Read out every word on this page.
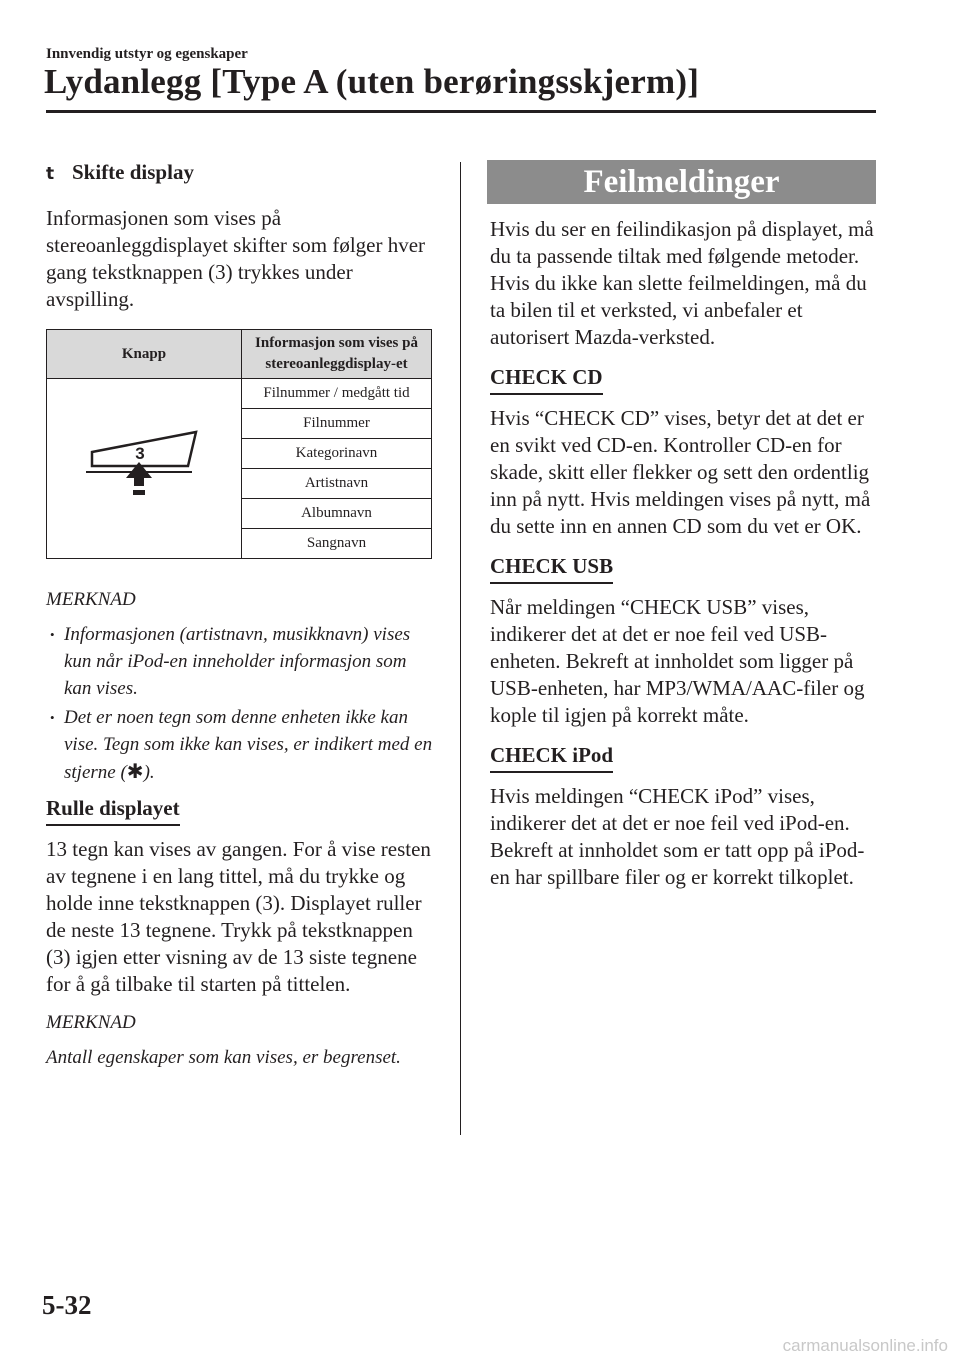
Innvendig utstyr og egenskaper
Lydanlegg [Type A (uten berøringsskjerm)]
t Skifte display

Informasjonen som vises på stereoanleggdisplayet skifter som følger hver gang tekstknappen (3) trykkes under avspilling.

Knapp	Informasjon som vises på stereoanleggdisplay-et

3	Filnummer / medgått tid
	Filnummer
	Kategorinavn
	Artistnavn
	Albumnavn
	Sangnavn
MERKNAD
• Informasjonen (artistnavn, musikknavn) vises kun når iPod-en inneholder informasjon som kan vises.
• Det er noen tegn som denne enheten ikke kan vise. Tegn som ikke kan vises, er indikert med en stjerne (✱).
Rulle displayet

13 tegn kan vises av gangen. For å vise resten av tegnene i en lang tittel, må du trykke og holde inne tekstknappen (3). Displayet ruller de neste 13 tegnene. Trykk på tekstknappen (3) igjen etter visning av de 13 siste tegnene for å gå tilbake til starten på tittelen.

MERKNAD

Antall egenskaper som kan vises, er begrenset.

Feilmeldinger

Hvis du ser en feilindikasjon på displayet, må du ta passende tiltak med følgende metoder. Hvis du ikke kan slette feilmeldingen, må du ta bilen til et verksted, vi anbefaler et autorisert Mazda-verksted.

CHECK CD

Hvis “CHECK CD” vises, betyr det at det er en svikt ved CD-en. Kontroller CD-en for skade, skitt eller flekker og sett den ordentlig inn på nytt. Hvis meldingen vises på nytt, må du sette inn en annen CD som du vet er OK.

CHECK USB

Når meldingen “CHECK USB” vises, indikerer det at det er noe feil ved USB-enheten. Bekreft at innholdet som ligger på USB-enheten, har MP3/WMA/AAC-filer og kople til igjen på korrekt måte.

CHECK iPod

Hvis meldingen “CHECK iPod” vises, indikerer det at det er noe feil ved iPod-en. Bekreft at innholdet som er tatt opp på iPod-en har spillbare filer og er korrekt tilkoplet.

5-32
carmanualsonline.info
